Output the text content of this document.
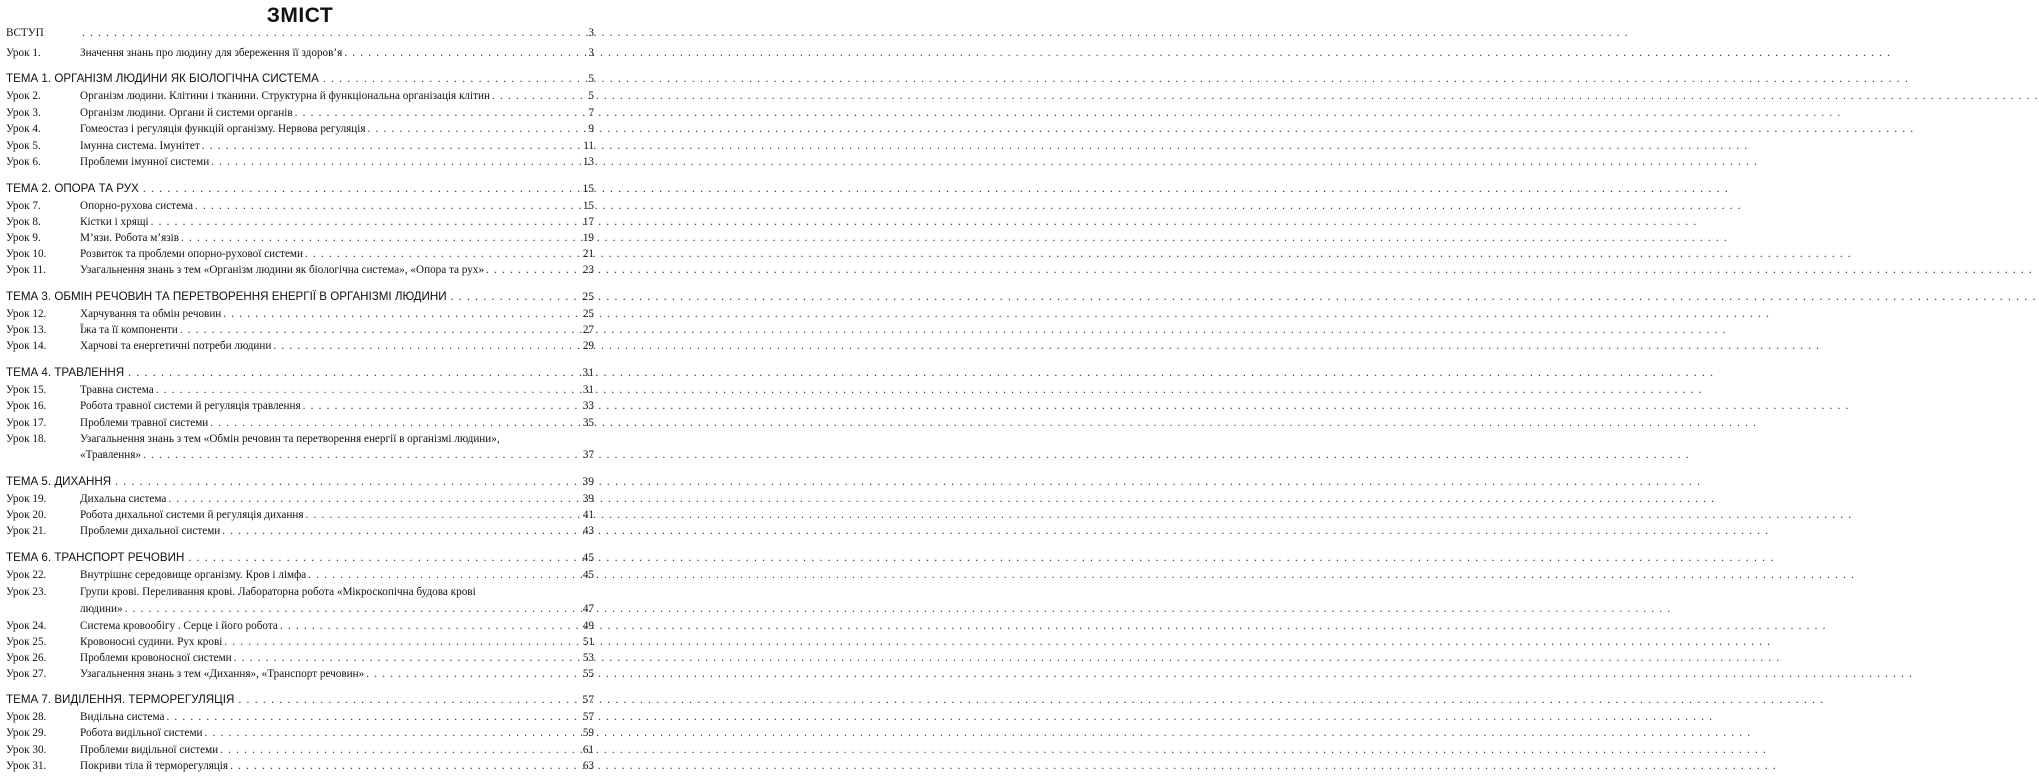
ЗМІСТ
ВСТУП . . .	3
Урок 1.	Значення знань про людину для збереження її здоров’я . . .	3
ТЕМА 1. ОРГАНІЗМ ЛЮДИНИ ЯК БІОЛОГІЧНА СИСТЕМА . . .	5
Урок 2.	Організм людини. Клітини і тканини. Структурна й функціональна організація клітин . . .	5
Урок 3.	Організм людини. Органи й системи органів . . .	7
Урок 4.	Гомеостаз і регуляція функцій організму. Нервова регуляція . . .	9
Урок 5.	Імунна система. Імунітет . . .	11
Урок 6.	Проблеми імунної системи . . .	13
ТЕМА 2. ОПОРА ТА РУХ . . .	15
Урок 7.	Опорно-рухова система . . .	15
Урок 8.	Кістки і хрящі . . .	17
Урок 9.	М’язи. Робота м’язів . . .	19
Урок 10.	Розвиток та проблеми опорно-рухової системи . . .	21
Урок 11.	Узагальнення знань з тем «Організм людини як біологічна система», «Опора та рух» . . .	23
ТЕМА 3. ОБМІН РЕЧОВИН ТА ПЕРЕТВОРЕННЯ ЕНЕРГІЇ В ОРГАНІЗМІ ЛЮДИНИ . . .	25
Урок 12.	Харчування та обмін речовин . . .	25
Урок 13.	Їжа та її компоненти . . .	27
Урок 14.	Харчові та енергетичні потреби людини . . .	29
ТЕМА 4. ТРАВЛЕННЯ . . .	31
Урок 15.	Травна система . . .	31
Урок 16.	Робота травної системи й регуляція травлення . . .	33
Урок 17.	Проблеми травної системи . . .	35
Урок 18.	Узагальнення знань з тем «Обмін речовин та перетворення енергії в організмі людини»,
«Травлення» . . .	37
ТЕМА 5. ДИХАННЯ . . .	39
Урок 19.	Дихальна система . . .	39
Урок 20.	Робота дихальної системи й регуляція дихання . . .	41
Урок 21.	Проблеми дихальної системи . . .	43
ТЕМА 6. ТРАНСПОРТ РЕЧОВИН . . .	45
Урок 22.	Внутрішнє середовище організму. Кров і лімфа . . .	45
Урок 23.	Групи крові. Переливання крові. Лабораторна робота «Мікроскопічна будова крові
людини» . . .	47
Урок 24.	Система кровообігу . Серце і його робота . . .	49
Урок 25.	Кровоносні судини. Рух крові . . .	51
Урок 26.	Проблеми кровоносної системи . . .	53
Урок 27.	Узагальнення знань з тем «Дихання», «Транспорт речовин» . . .	55
ТЕМА 7. ВИДІЛЕННЯ. ТЕРМОРЕГУЛЯЦІЯ . . .	57
Урок 28.	Видільна система . . .	57
Урок 29.	Робота видільної системи . . .	59
Урок 30.	Проблеми видільної системи . . .	61
Урок 31.	Покриви тіла й терморегуляція . . .	63
